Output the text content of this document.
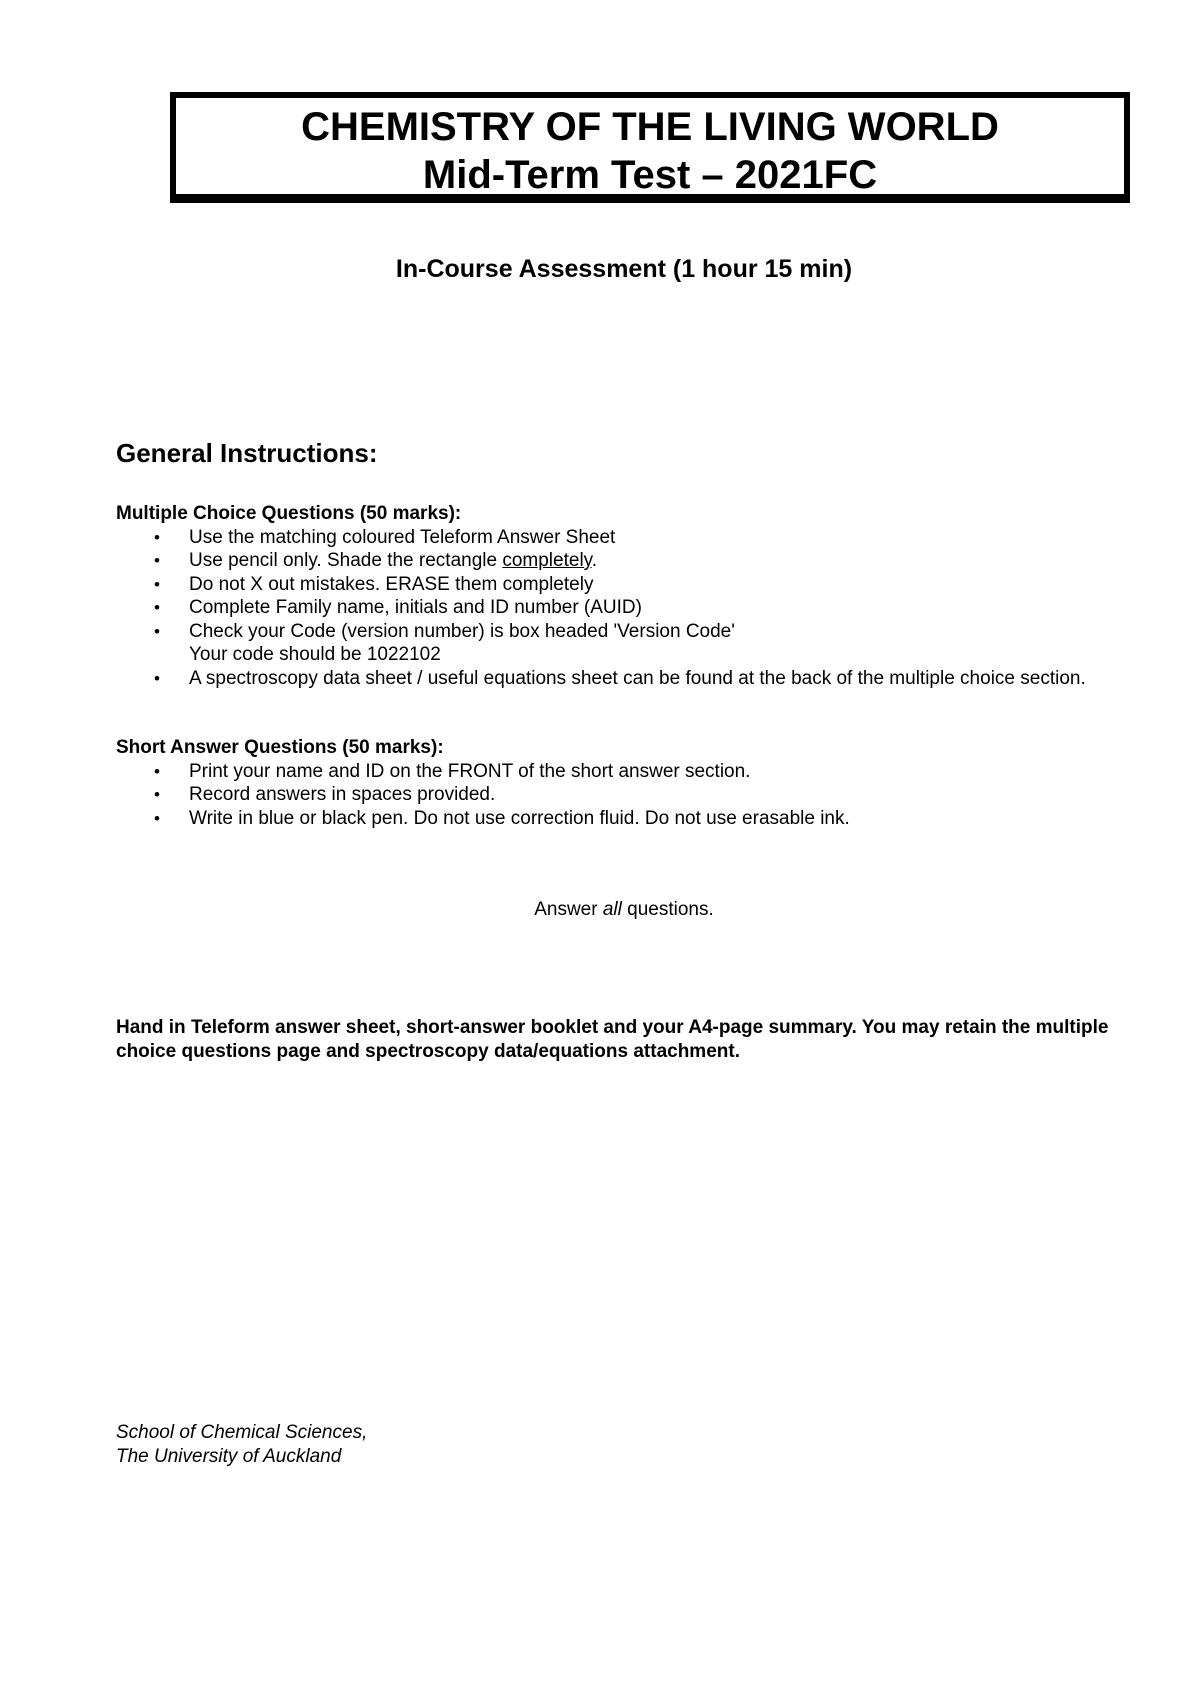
CHEMISTRY OF THE LIVING WORLD
Mid-Term Test – 2021FC
In-Course Assessment (1 hour 15 min)
General Instructions:
Multiple Choice Questions (50 marks):
• Use the matching coloured Teleform Answer Sheet
• Use pencil only. Shade the rectangle completely.
• Do not X out mistakes. ERASE them completely
• Complete Family name, initials and ID number (AUID)
• Check your Code (version number) is box headed 'Version Code'
Your code should be 1022102
• A spectroscopy data sheet / useful equations sheet can be found at the back of the multiple choice section.
Short Answer Questions (50 marks):
• Print your name and ID on the FRONT of the short answer section.
• Record answers in spaces provided.
• Write in blue or black pen. Do not use correction fluid. Do not use erasable ink.
Answer all questions.
Hand in Teleform answer sheet, short-answer booklet and your A4-page summary. You may retain the multiple choice questions page and spectroscopy data/equations attachment.
School of Chemical Sciences,
The University of Auckland
